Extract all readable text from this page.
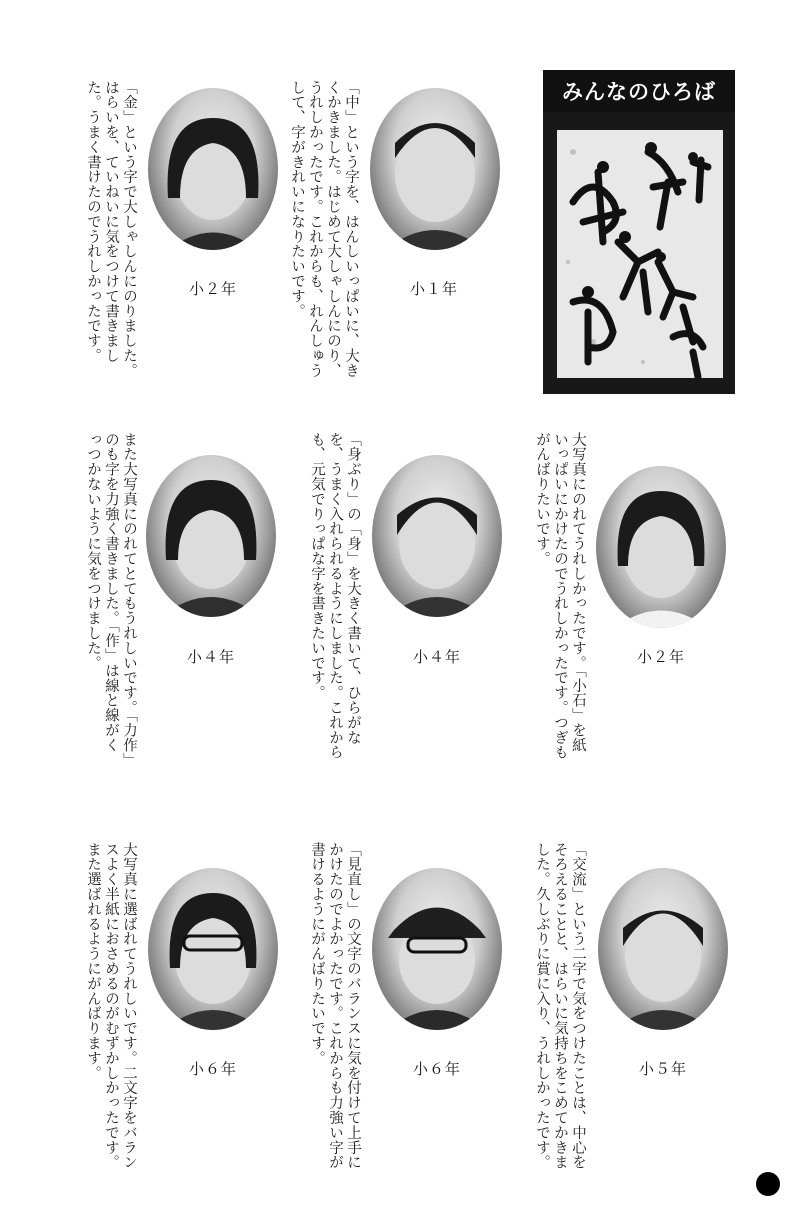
みんなのひろば
「中」という字を、はんしいっぱいに、大きくかきました。はじめて大しゃしんにのり、うれしかったです。これからも、れんしゅうして、字がきれいになりたいです。	小１年
「金」という字で大しゃしんにのりました。はらいを、ていねいに気をつけて書きました。うまく書けたのでうれしかったです。	小２年
大写真にのれてうれしかったです。「小石」を紙いっぱいにかけたのでうれしかったです。つぎもがんばりたいです。
小２年
「身ぶり」の「身」を大きく書いて、ひらがなを、うまく入れられるようにしました。これからも、元気でりっぱな字を書きたいです。	小４年
また大写真にのれてとてもうれしいです。「力作」のも字を力強く書きました。「作」は線と線がくっつかないように気をつけました。	小４年
「交流」という二字で気をつけたことは、中心をそろえることと、はらいに気持ちをこめてかきました。久しぶりに賞に入り、うれしかったです。	小５年
「見直し」の文字のバランスに気を付けて上手にかけたのでよかったです。これからも力強い字が書けるようにがんばりたいです。
小６年
大写真に選ばれてうれしいです。二文字をバランスよく半紙におさめるのがむずかしかったです。また選ばれるようにがんばります。	小６年
